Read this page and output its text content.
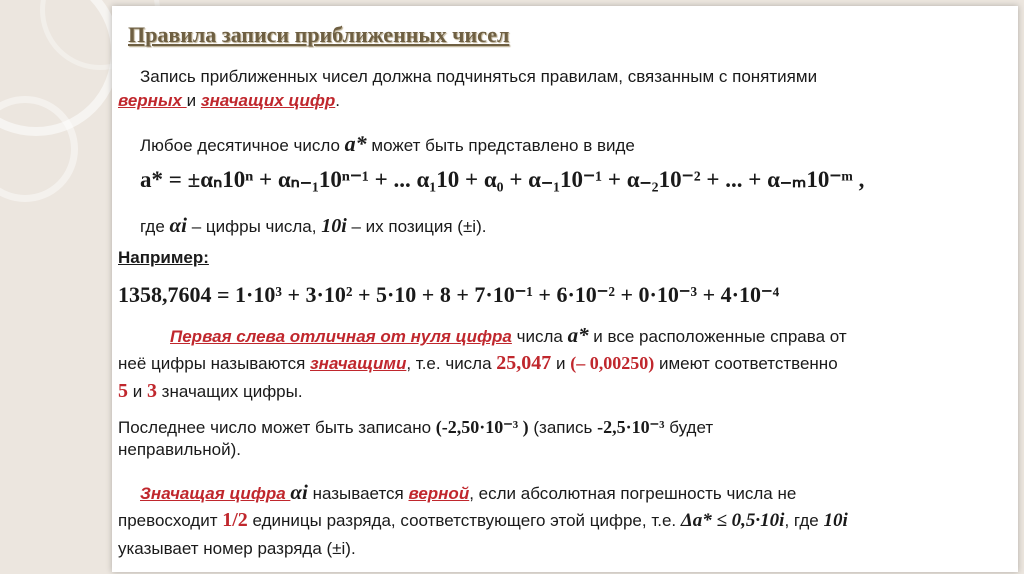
Правила записи приближенных чисел
Запись приближенных чисел должна подчиняться правилам, связанным с понятиями
верных и значащих цифр.
Любое десятичное число a* может быть представлено в виде
a* = ±αₙ10ⁿ + αₙ₋₁10ⁿ⁻¹ + ... α₁10 + α₀ + α₋₁10⁻¹ + α₋₂10⁻² + ... + α₋ₘ10⁻ᵐ ,
где αi – цифры числа, 10i – их позиция (±i).
Например:
1358,7604 = 1·10³ + 3·10² + 5·10 + 8 + 7·10⁻¹ + 6·10⁻² + 0·10⁻³ + 4·10⁻⁴
Первая слева отличная от нуля цифра числа a* и все расположенные справа от
неё цифры называются значащими, т.е. числа 25,047 и (– 0,00250) имеют соответственно
5 и 3 значащих цифры.
Последнее число может быть записано (-2,50·10⁻³ ) (запись -2,5·10⁻³ будет
неправильной).
Значащая цифра αi называется верной, если абсолютная погрешность числа не
превосходит 1/2 единицы разряда, соответствующего этой цифре, т.е. Δa* ≤ 0,5·10i, где 10i
указывает номер разряда (±i).
